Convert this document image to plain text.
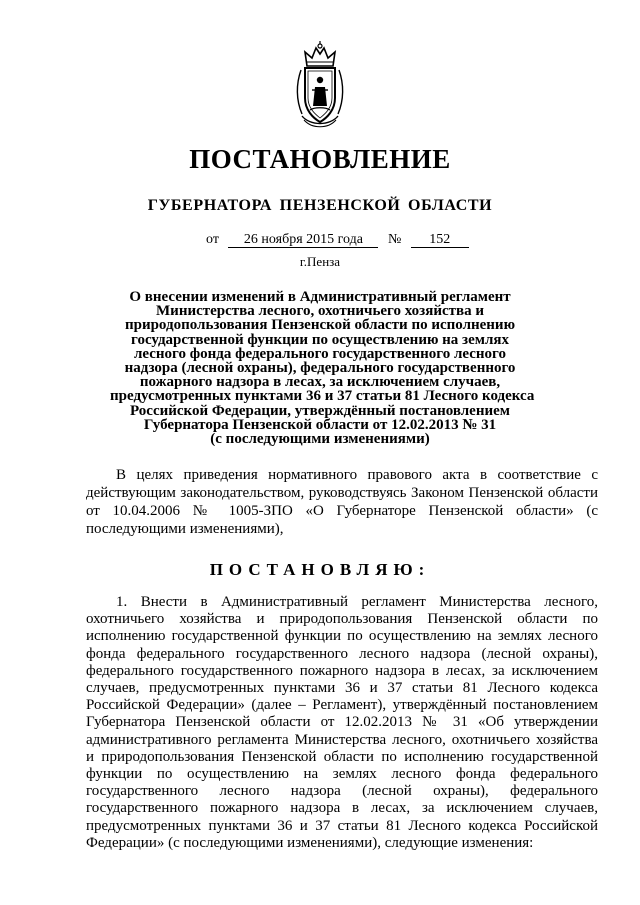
ПОСТАНОВЛЕНИЕ
ГУБЕРНАТОРА ПЕНЗЕНСКОЙ ОБЛАСТИ
от 26 ноября 2015 года № 152
г.Пенза
О внесении изменений в Административный регламент
Министерства лесного, охотничьего хозяйства и
природопользования Пензенской области по исполнению
государственной функции по осуществлению на землях
лесного фонда федерального государственного лесного
надзора (лесной охраны), федерального государственного
пожарного надзора в лесах, за исключением случаев,
предусмотренных пунктами 36 и 37 статьи 81 Лесного кодекса
Российской Федерации, утверждённый постановлением
Губернатора Пензенской области от 12.02.2013 № 31
(с последующими изменениями)

В целях приведения нормативного правового акта в соответствие с действующим законодательством, руководствуясь Законом Пензенской области от 10.04.2006 № 1005-ЗПО «О Губернаторе Пензенской области» (с последующими изменениями),

ПОСТАНОВЛЯЮ:

1. Внести в Административный регламент Министерства лесного, охотничьего хозяйства и природопользования Пензенской области по исполнению государственной функции по осуществлению на землях лесного фонда федерального государственного лесного надзора (лесной охраны), федерального государственного пожарного надзора в лесах, за исключением случаев, предусмотренных пунктами 36 и 37 статьи 81 Лесного кодекса Российской Федерации» (далее – Регламент), утверждённый постановлением Губернатора Пензенской области от 12.02.2013 № 31 «Об утверждении административного регламента Министерства лесного, охотничьего хозяйства и природопользования Пензенской области по исполнению государственной функции по осуществлению на землях лесного фонда федерального государственного лесного надзора (лесной охраны), федерального государственного пожарного надзора в лесах, за исключением случаев, предусмотренных пунктами 36 и 37 статьи 81 Лесного кодекса Российской Федерации» (с последующими изменениями), следующие изменения:
